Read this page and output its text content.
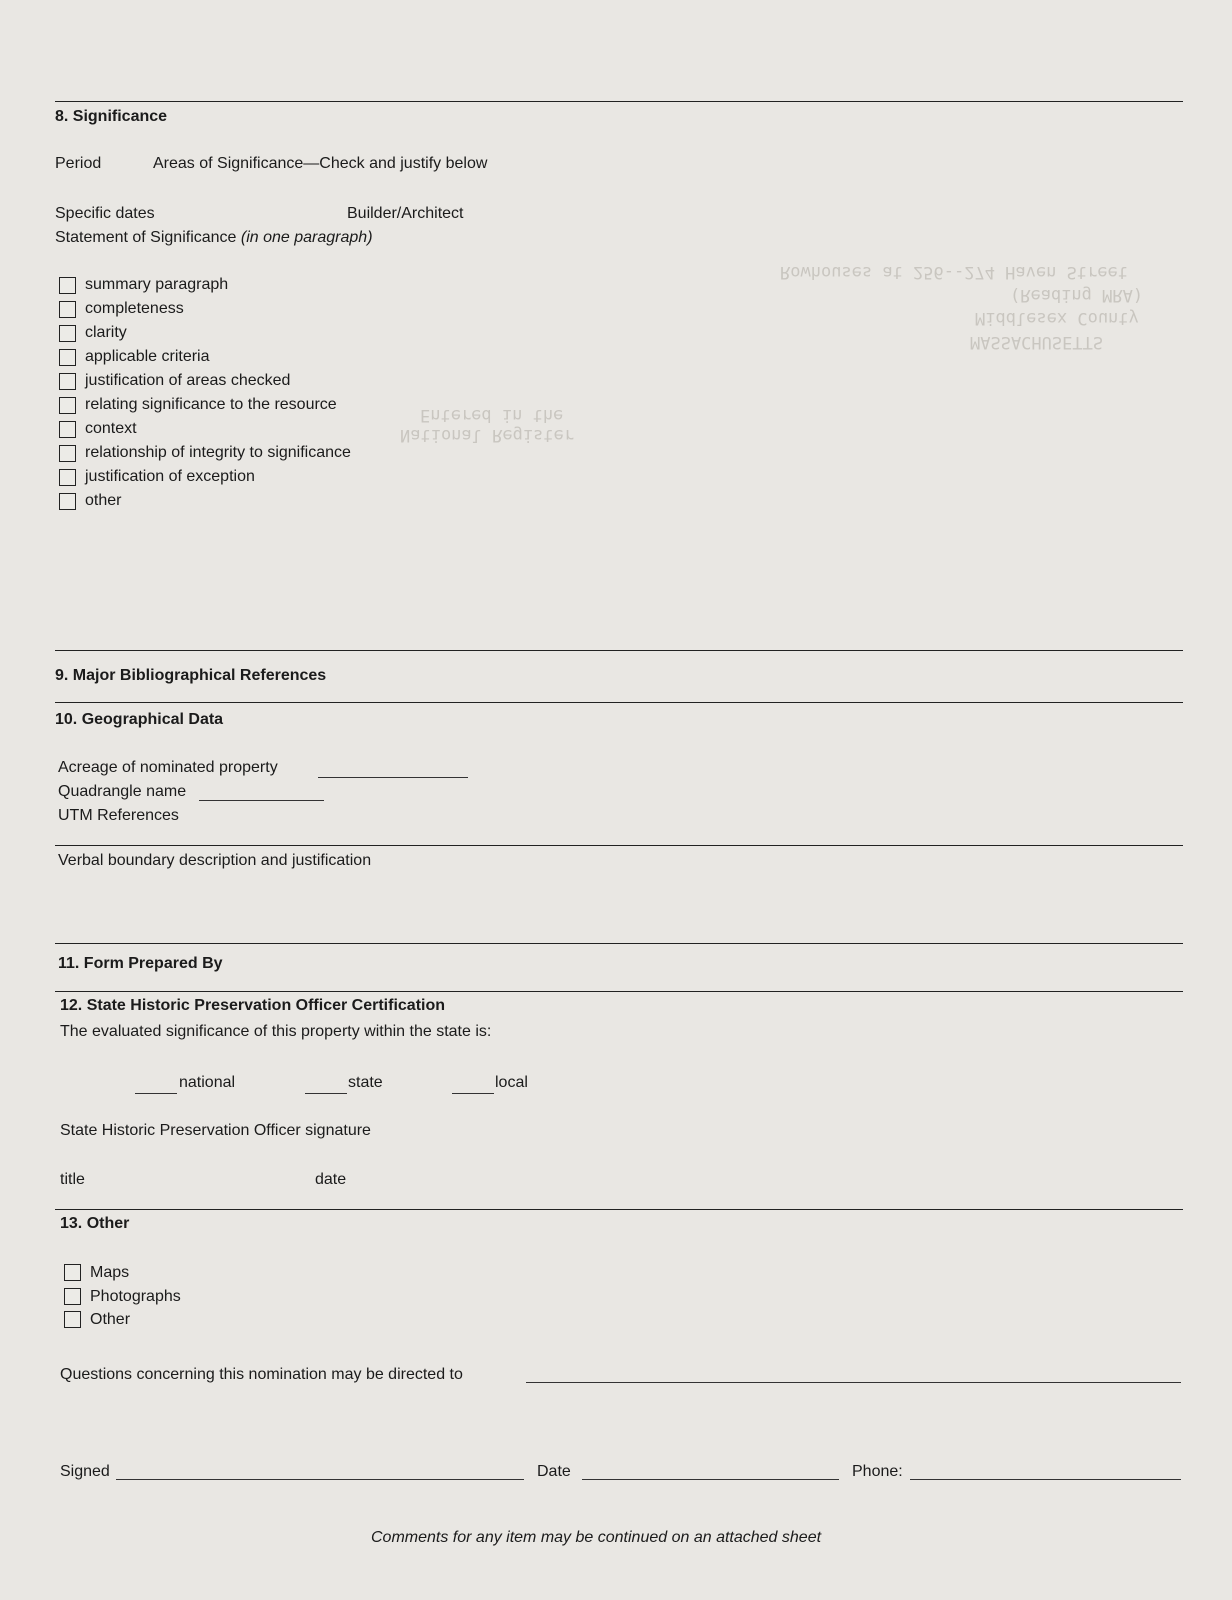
Rowhouses at 256--274 Haven Street
(Reading MRA)
Middlesex County
MASSACHUSETTS
Entered in the
National Register
8. Significance
Period	Areas of Significance—Check and justify below
Specific dates	Builder/Architect
Statement of Significance (in one paragraph)
summary paragraph
completeness
clarity
applicable criteria
justification of areas checked
relating significance to the resource
context
relationship of integrity to significance
justification of exception
other
9. Major Bibliographical References
10. Geographical Data
Acreage of nominated property
Quadrangle name
UTM References
Verbal boundary description and justification
11. Form Prepared By
12. State Historic Preservation Officer Certification
The evaluated significance of this property within the state is:
national	state	local
State Historic Preservation Officer signature
title	date
13. Other
Maps
Photographs
Other
Questions concerning this nomination may be directed to
Signed	Date	Phone:
Comments for any item may be continued on an attached sheet
